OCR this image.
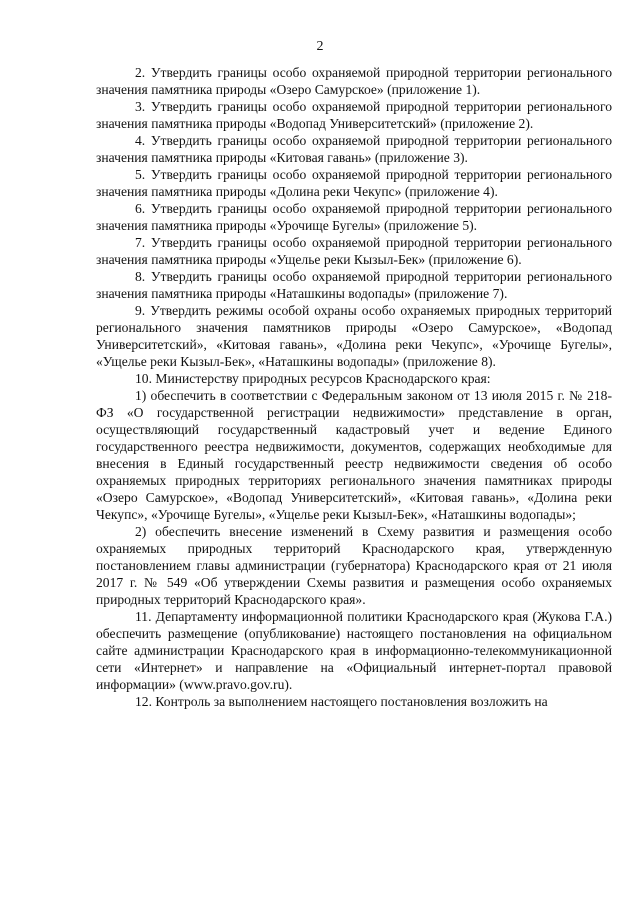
2

2. Утвердить границы особо охраняемой природной территории регионального значения памятника природы «Озеро Самурское» (приложение 1).

3. Утвердить границы особо охраняемой природной территории регионального значения памятника природы «Водопад Университетский» (приложение 2).

4. Утвердить границы особо охраняемой природной территории регионального значения памятника природы «Китовая гавань» (приложение 3).

5. Утвердить границы особо охраняемой природной территории регионального значения памятника природы «Долина реки Чекупс» (приложение 4).

6. Утвердить границы особо охраняемой природной территории регионального значения памятника природы «Урочище Бугелы» (приложение 5).

7. Утвердить границы особо охраняемой природной территории регионального значения памятника природы «Ущелье реки Кызыл-Бек» (приложение 6).

8. Утвердить границы особо охраняемой природной территории регионального значения памятника природы «Наташкины водопады» (приложение 7).

9. Утвердить режимы особой охраны особо охраняемых природных территорий регионального значения памятников природы «Озеро Самурское», «Водопад Университетский», «Китовая гавань», «Долина реки Чекупс», «Урочище Бугелы», «Ущелье реки Кызыл-Бек», «Наташкины водопады» (приложение 8).

10. Министерству природных ресурсов Краснодарского края:

1) обеспечить в соответствии с Федеральным законом от 13 июля 2015 г. № 218-ФЗ «О государственной регистрации недвижимости» представление в орган, осуществляющий государственный кадастровый учет и ведение Единого государственного реестра недвижимости, документов, содержащих необходимые для внесения в Единый государственный реестр недвижимости сведения об особо охраняемых природных территориях регионального значения памятниках природы «Озеро Самурское», «Водопад Университетский», «Китовая гавань», «Долина реки Чекупс», «Урочище Бугелы», «Ущелье реки Кызыл-Бек», «Наташкины водопады»;

2) обеспечить внесение изменений в Схему развития и размещения особо охраняемых природных территорий Краснодарского края, утвержденную постановлением главы администрации (губернатора) Краснодарского края от 21 июля 2017 г. № 549 «Об утверждении Схемы развития и размещения особо охраняемых природных территорий Краснодарского края».

11. Департаменту информационной политики Краснодарского края (Жукова Г.А.) обеспечить размещение (опубликование) настоящего постановления на официальном сайте администрации Краснодарского края в информационно-телекоммуникационной сети «Интернет» и направление на «Официальный интернет-портал правовой информации» (www.pravo.gov.ru).

12. Контроль за выполнением настоящего постановления возложить на
